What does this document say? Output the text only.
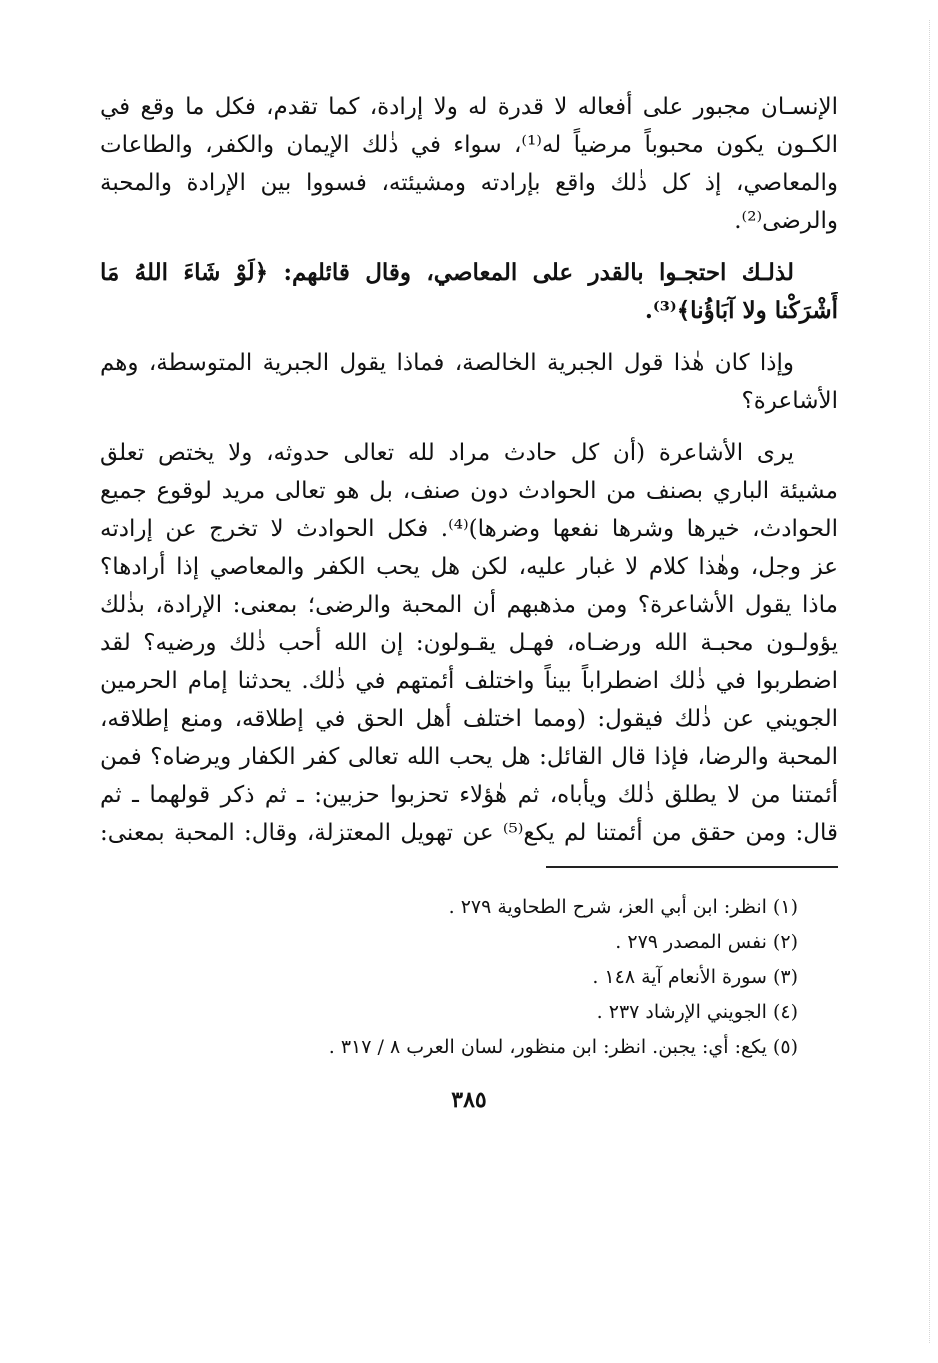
الإنسـان مجبور على أفعاله لا قدرة له ولا إرادة، كما تقدم، فكل ما وقع في
الكـون يكون محبوباً مرضياً له⁽¹⁾، سواء في ذٰلك الإيمان والكفر، والطاعات
والمعاصي، إذ كل ذٰلك واقع بإرادته ومشيئته، فسووا بين الإرادة والمحبة
والرضى⁽²⁾.
لذلـك احتجـوا بالقدر على المعاصي، وقال قائلهم: ﴿لَوْ شَاءَ اللهُ مَا
أَشْرَكْنا ولا آبَاؤُنا﴾⁽³⁾.
وإذا كان هٰذا قول الجبرية الخالصة، فماذا يقول الجبرية المتوسطة، وهم
الأشاعرة؟
يرى الأشاعرة (أن كل حادث مراد لله تعالى حدوثه، ولا يختص تعلق
مشيئة الباري بصنف من الحوادث دون صنف، بل هو تعالى مريد لوقوع جميع
الحوادث، خيرها وشرها نفعها وضرها)⁽⁴⁾. فكل الحوادث لا تخرج عن إرادته
عز وجل، وهٰذا كلام لا غبار عليه، لكن هل يحب الكفر والمعاصي إذا أرادها؟
ماذا يقول الأشاعرة؟ ومن مذهبهم أن المحبة والرضى؛ بمعنى: الإرادة، بذٰلك
يؤولـون محبـة الله ورضـاه، فهـل يقـولون: إن الله أحب ذٰلك ورضيه؟ لقد
اضطربوا في ذٰلك اضطراباً بيناً واختلف أئمتهم في ذٰلك. يحدثنا إمام الحرمين
الجويني عن ذٰلك فيقول: (ومما اختلف أهل الحق في إطلاقه، ومنع إطلاقه،
المحبة والرضا، فإذا قال القائل: هل يحب الله تعالى كفر الكفار ويرضاه؟ فمن
أئمتنا من لا يطلق ذٰلك ويأباه، ثم هٰؤلاء تحزبوا حزبين: ـ ثم ذكر قولهما ـ ثم
قال: ومن حقق من أئمتنا لم يكع⁽⁵⁾ عن تهويل المعتزلة، وقال: المحبة بمعنى:
(١) انظر: ابن أبي العز، شرح الطحاوية ٢٧٩ .
(٢) نفس المصدر ٢٧٩ .
(٣) سورة الأنعام آية ١٤٨ .
(٤) الجويني الإرشاد ٢٣٧ .
(٥) يكع: أي: يجبن. انظر: ابن منظور، لسان العرب ٨ / ٣١٧ .
٣٨٥
